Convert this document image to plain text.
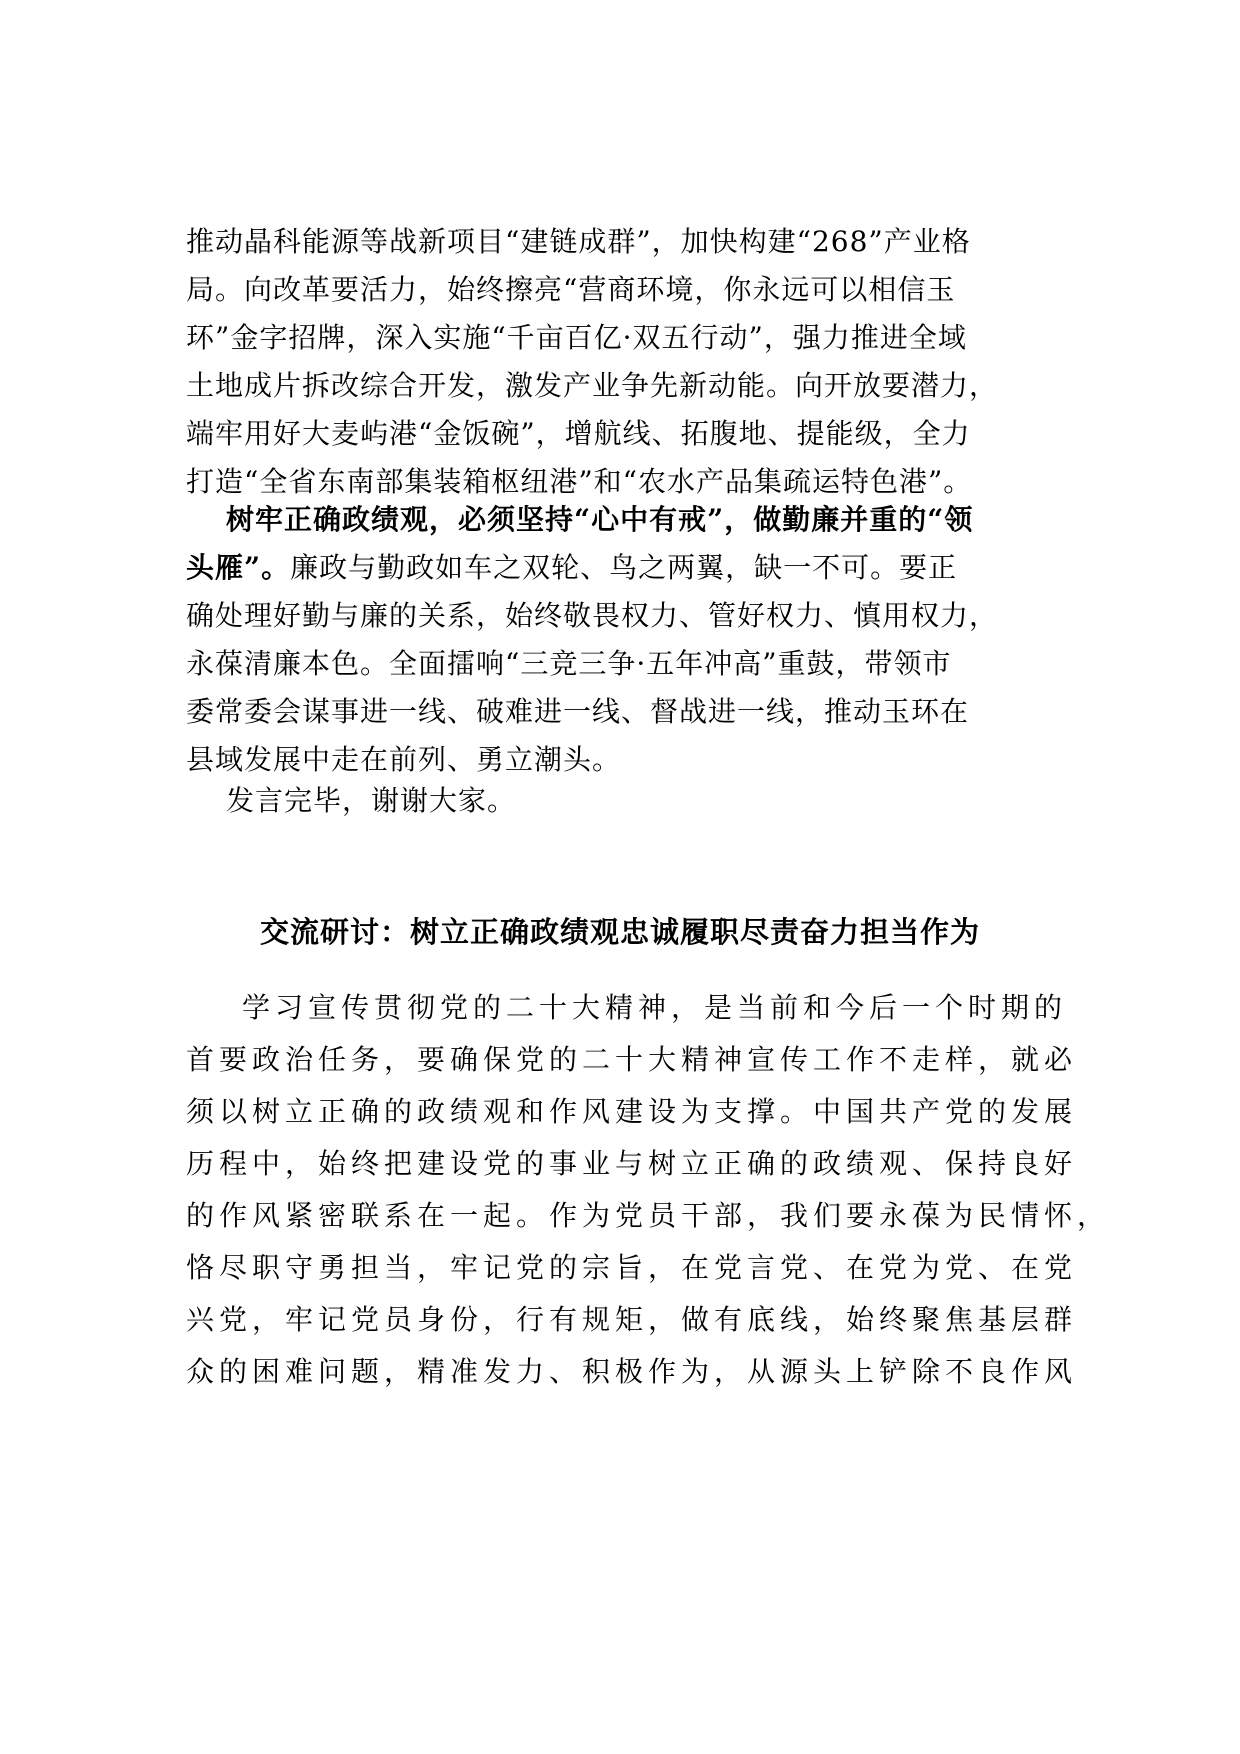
推动晶科能源等战新项目“建链成群”，加快构建“268”产业格
局。向改革要活力，始终擦亮“营商环境，你永远可以相信玉
环”金字招牌，深入实施“千亩百亿·双五行动”，强力推进全域
土地成片拆改综合开发，激发产业争先新动能。向开放要潜力，
端牢用好大麦屿港“金饭碗”，增航线、拓腹地、提能级，全力
打造“全省东南部集装箱枢纽港”和“农水产品集疏运特色港”。
树牢正确政绩观，必须坚持“心中有戒”，做勤廉并重的“领
头雁”。廉政与勤政如车之双轮、鸟之两翼，缺一不可。要正
确处理好勤与廉的关系，始终敬畏权力、管好权力、慎用权力，
永葆清廉本色。全面擂响“三竞三争·五年冲高”重鼓，带领市
委常委会谋事进一线、破难进一线、督战进一线，推动玉环在
县域发展中走在前列、勇立潮头。
发言完毕，谢谢大家。
交流研讨：树立正确政绩观忠诚履职尽责奋力担当作为
学习宣传贯彻党的二十大精神，是当前和今后一个时期的
首要政治任务，要确保党的二十大精神宣传工作不走样，就必
须以树立正确的政绩观和作风建设为支撑。中国共产党的发展
历程中，始终把建设党的事业与树立正确的政绩观、保持良好
的作风紧密联系在一起。作为党员干部，我们要永葆为民情怀，
恪尽职守勇担当，牢记党的宗旨，在党言党、在党为党、在党
兴党，牢记党员身份，行有规矩，做有底线，始终聚焦基层群
众的困难问题，精准发力、积极作为，从源头上铲除不良作风
